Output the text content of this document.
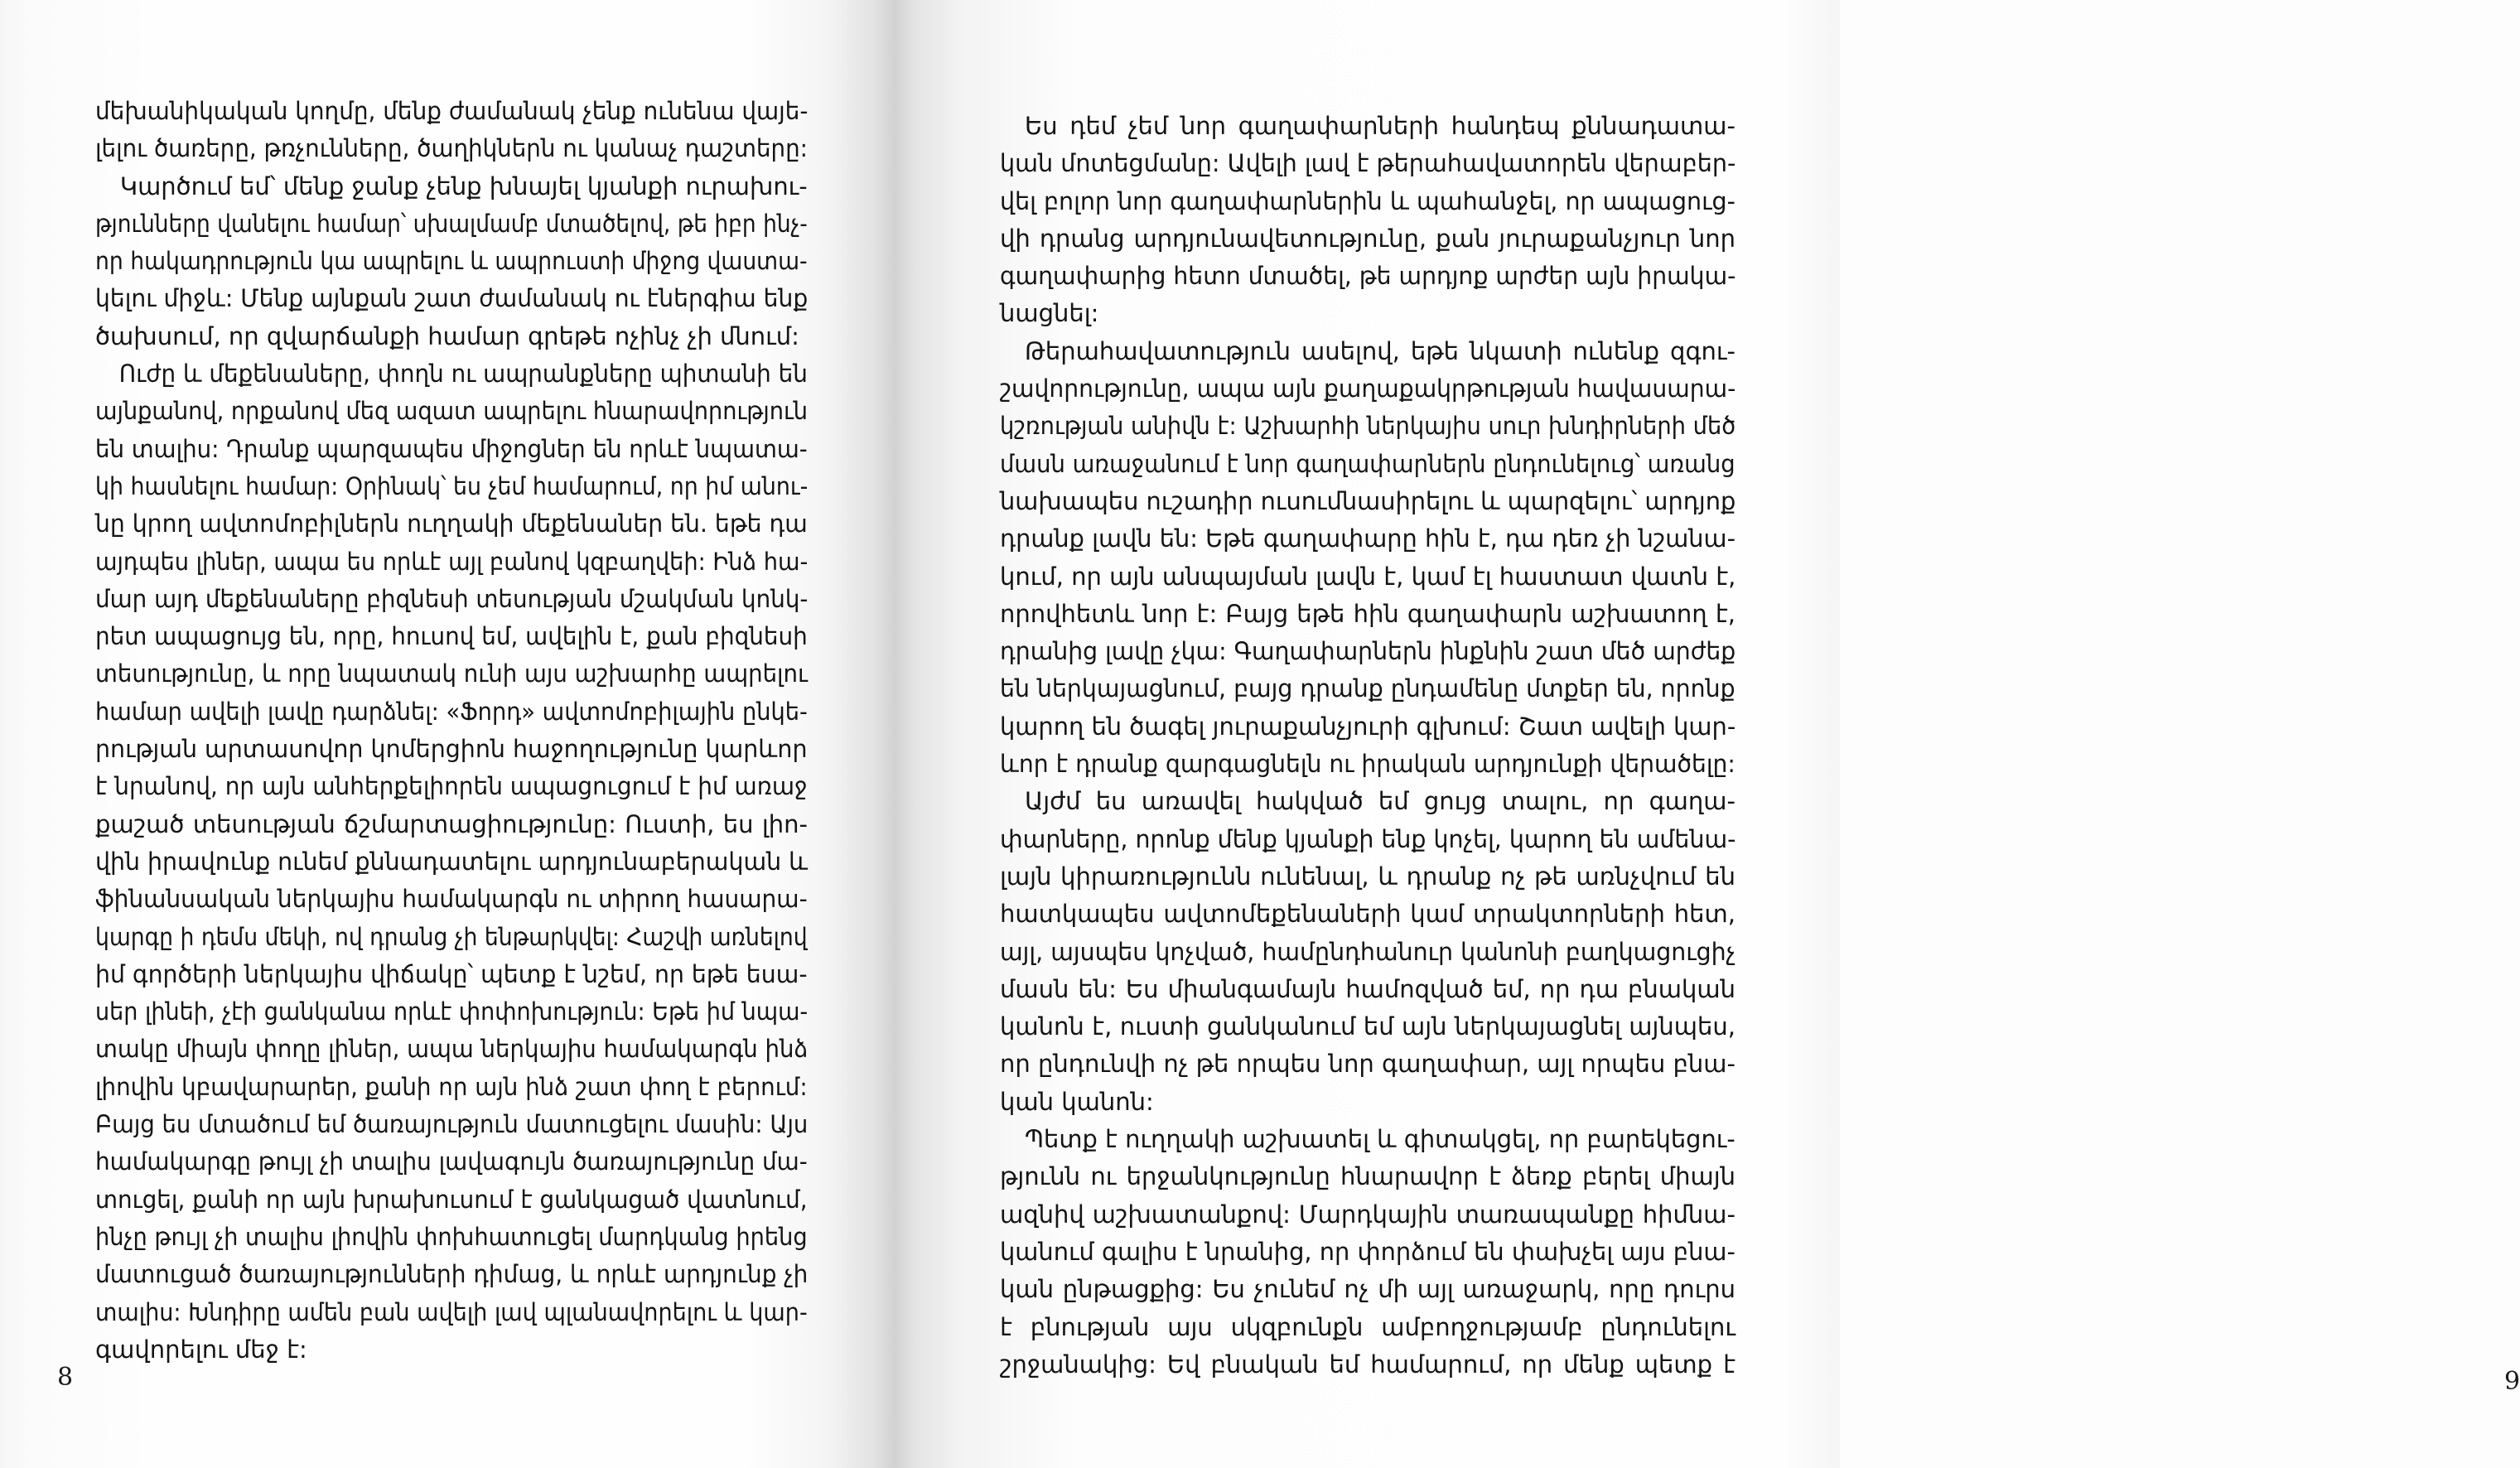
մեխանիկական կողմը, մենք ժամանակ չենք ունենա վայե-
լելու ծառերը, թռչունները, ծաղիկներն ու կանաչ դաշտերը:
Կարծում եմ՝ մենք ջանք չենք խնայել կյանքի ուրախու-
թյունները վանելու համար՝ սխալմամբ մտածելով, թե իբր ինչ-
որ հակադրություն կա ապրելու և ապրուստի միջոց վաստա-
կելու միջև: Մենք այնքան շատ ժամանակ ու էներգիա ենք
ծախսում, որ զվարճանքի համար գրեթե ոչինչ չի մնում:
Ուժը և մեքենաները, փողն ու ապրանքները պիտանի են
այնքանով, որքանով մեզ ազատ ապրելու հնարավորություն
են տալիս: Դրանք պարզապես միջոցներ են որևէ նպատա-
կի հասնելու համար: Օրինակ՝ ես չեմ համարում, որ իմ անու-
նը կրող ավտոմոբիլներն ուղղակի մեքենաներ են. եթե դա
այդպես լիներ, ապա ես որևէ այլ բանով կզբաղվեի: Ինձ հա-
մար այդ մեքենաները բիզնեսի տեսության մշակման կոնկ-
րետ ապացույց են, որը, հուսով եմ, ավելին է, քան բիզնեսի
տեսությունը, և որը նպատակ ունի այս աշխարհը ապրելու
համար ավելի լավը դարձնել: «Ֆորդ» ավտոմոբիլային ընկե-
րության արտասովոր կոմերցիոն հաջողությունը կարևոր
է նրանով, որ այն անհերքելիորեն ապացուցում է իմ առաջ
քաշած տեսության ճշմարտացիությունը: Ուստի, ես լիո-
վին իրավունք ունեմ քննադատելու արդյունաբերական և
ֆինանսական ներկայիս համակարգն ու տիրող հասարա-
կարգը ի դեմս մեկի, ով դրանց չի ենթարկվել: Հաշվի առնելով
իմ գործերի ներկայիս վիճակը՝ պետք է նշեմ, որ եթե եսա-
սեր լինեի, չէի ցանկանա որևէ փոփոխություն: Եթե իմ նպա-
տակը միայն փողը լիներ, ապա ներկայիս համակարգն ինձ
լիովին կբավարարեր, քանի որ այն ինձ շատ փող է բերում:
Բայց ես մտածում եմ ծառայություն մատուցելու մասին: Այս
համակարգը թույլ չի տալիս լավագույն ծառայությունը մա-
տուցել, քանի որ այն խրախուսում է ցանկացած վատնում,
ինչը թույլ չի տալիս լիովին փոխհատուցել մարդկանց իրենց
մատուցած ծառայությունների դիմաց, և որևէ արդյունք չի
տալիս: Խնդիրը ամեն բան ավելի լավ պլանավորելու և կար-
գավորելու մեջ է:
8
Ես դեմ չեմ նոր գաղափարների հանդեպ քննադատա-
կան մոտեցմանը: Ավելի լավ է թերահավատորեն վերաբեր-
վել բոլոր նոր գաղափարներին և պահանջել, որ ապացուց-
վի դրանց արդյունավետությունը, քան յուրաքանչյուր նոր
գաղափարից հետո մտածել, թե արդյոք արժեր այն իրակա-
նացնել:
Թերահավատություն ասելով, եթե նկատի ունենք զգու-
շավորությունը, ապա այն քաղաքակրթության հավասարա-
կշռության անիվն է: Աշխարհի ներկայիս սուր խնդիրների մեծ
մասն առաջանում է նոր գաղափարներն ընդունելուց՝ առանց
նախապես ուշադիր ուսումնասիրելու և պարզելու՝ արդյոք
դրանք լավն են: Եթե գաղափարը հին է, դա դեռ չի նշանա-
կում, որ այն անպայման լավն է, կամ էլ հաստատ վատն է,
որովհետև նոր է: Բայց եթե հին գաղափարն աշխատող է,
դրանից լավը չկա: Գաղափարներն ինքնին շատ մեծ արժեք
են ներկայացնում, բայց դրանք ընդամենը մտքեր են, որոնք
կարող են ծագել յուրաքանչյուրի գլխում: Շատ ավելի կար-
ևոր է դրանք զարգացնելն ու իրական արդյունքի վերածելը:
Այժմ ես առավել հակված եմ ցույց տալու, որ գաղա-
փարները, որոնք մենք կյանքի ենք կոչել, կարող են ամենա-
լայն կիրառությունն ունենալ, և դրանք ոչ թե առնչվում են
հատկապես ավտոմեքենաների կամ տրակտորների հետ,
այլ, այսպես կոչված, համընդհանուր կանոնի բաղկացուցիչ
մասն են: Ես միանգամայն համոզված եմ, որ դա բնական
կանոն է, ուստի ցանկանում եմ այն ներկայացնել այնպես,
որ ընդունվի ոչ թե որպես նոր գաղափար, այլ որպես բնա-
կան կանոն:
Պետք է ուղղակի աշխատել և գիտակցել, որ բարեկեցու-
թյունն ու երջանկությունը հնարավոր է ձեռք բերել միայն
ազնիվ աշխատանքով: Մարդկային տառապանքը հիմնա-
կանում գալիս է նրանից, որ փորձում են փախչել այս բնա-
կան ընթացքից: Ես չունեմ ոչ մի այլ առաջարկ, որը դուրս
է բնության այս սկզբունքն ամբողջությամբ ընդունելու
շրջանակից: Եվ բնական եմ համարում, որ մենք պետք է
9
